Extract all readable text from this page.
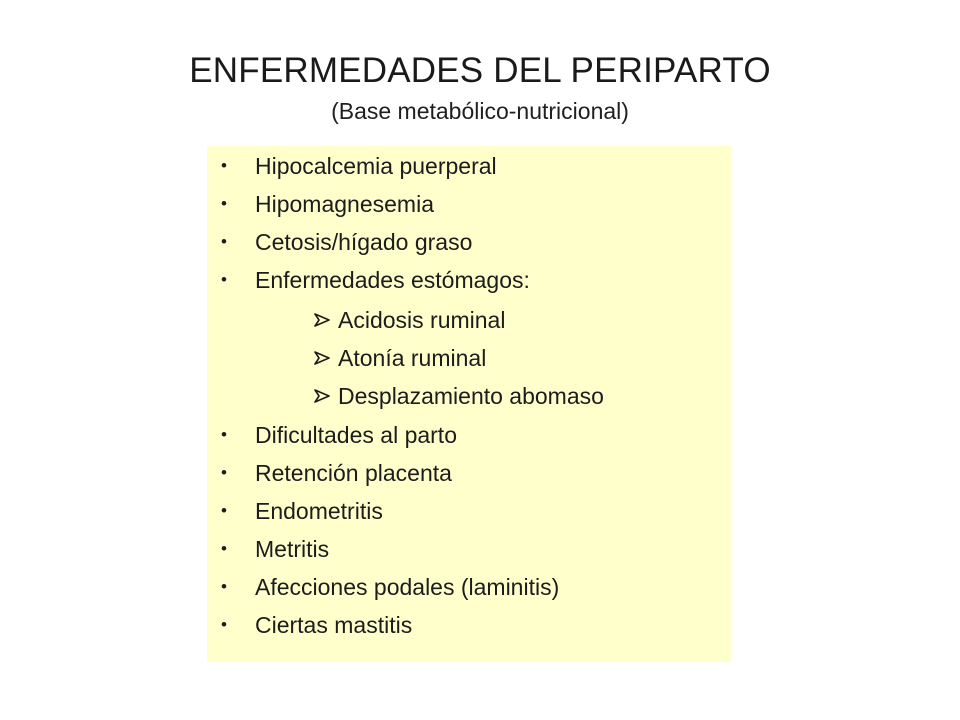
ENFERMEDADES DEL PERIPARTO
(Base metabólico-nutricional)
• Hipocalcemia puerperal
• Hipomagnesemia
• Cetosis/hígado graso
• Enfermedades estómagos:
Acidosis ruminal
Atonía ruminal
Desplazamiento abomaso
• Dificultades al parto
• Retención placenta
• Endometritis
• Metritis
• Afecciones podales (laminitis)
• Ciertas mastitis
